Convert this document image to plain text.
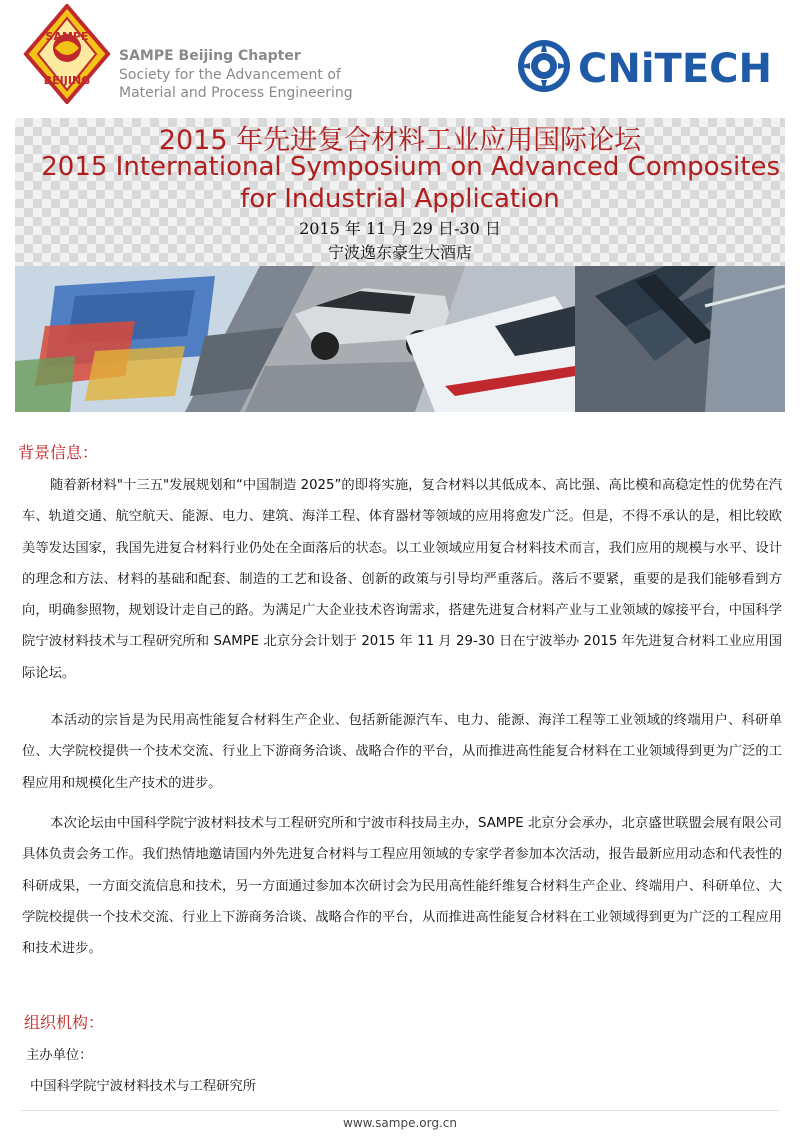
SAMPE
BEIJING
SAMPE Beijing Chapter
Society for the Advancement of
Material and Process Engineering
CNiTECH
2015 年先进复合材料工业应用国际论坛
2015 International Symposium on Advanced Composites
for Industrial Application
2015 年 11 月 29 日-30 日
宁波逸东豪生大酒店
背景信息：

随着新材料"十三五"发展规划和“中国制造 2025”的即将实施，复合材料以其低成本、高比强、高比模和高稳定性的优势在汽车、轨道交通、航空航天、能源、电力、建筑、海洋工程、体育器材等领域的应用将愈发广泛。但是，不得不承认的是，相比较欧美等发达国家，我国先进复合材料行业仍处在全面落后的状态。以工业领域应用复合材料技术而言，我们应用的规模与水平、设计的理念和方法、材料的基础和配套、制造的工艺和设备、创新的政策与引导均严重落后。落后不要紧，重要的是我们能够看到方向，明确参照物，规划设计走自己的路。为满足广大企业技术咨询需求，搭建先进复合材料产业与工业领域的嫁接平台，中国科学院宁波材料技术与工程研究所和 SAMPE 北京分会计划于 2015 年 11 月 29-30 日在宁波举办 2015 年先进复合材料工业应用国际论坛。

本活动的宗旨是为民用高性能复合材料生产企业、包括新能源汽车、电力、能源、海洋工程等工业领域的终端用户、科研单位、大学院校提供一个技术交流、行业上下游商务洽谈、战略合作的平台，从而推进高性能复合材料在工业领域得到更为广泛的工程应用和规模化生产技术的进步。

本次论坛由中国科学院宁波材料技术与工程研究所和宁波市科技局主办，SAMPE 北京分会承办，北京盛世联盟会展有限公司具体负责会务工作。我们热情地邀请国内外先进复合材料与工程应用领域的专家学者参加本次活动，报告最新应用动态和代表性的科研成果，一方面交流信息和技术，另一方面通过参加本次研讨会为民用高性能纤维复合材料生产企业、终端用户、科研单位、大学院校提供一个技术交流、行业上下游商务洽谈、战略合作的平台，从而推进高性能复合材料在工业领域得到更为广泛的工程应用和技术进步。

组织机构：
主办单位：
中国科学院宁波材料技术与工程研究所
www.sampe.org.cn
